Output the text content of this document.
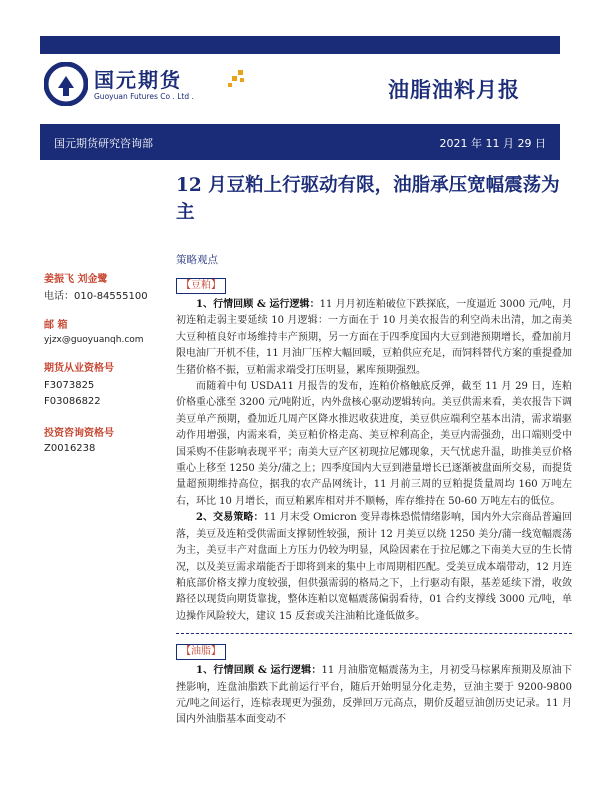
国元期货
Guoyuan Futures Co . Ltd .	油脂油料月报
国元期货研究咨询部	2021 年 11 月 29 日
12 月豆粕上行驱动有限，油脂承压宽幅震荡为主
策略观点
姜振飞 刘金鹭
电话：010-84555100
邮 箱
yjzx@guoyuanqh.com
期货从业资格号
F3073825
F03086822
投资咨询资格号
Z0016238
【豆粕】

1、行情回顾 & 运行逻辑：11 月月初连粕破位下跌探底，一度逼近 3000 元/吨，月初连粕走弱主要延续 10 月逻辑：一方面在于 10 月美农报告的利空尚未出清，加之南美大豆种植良好市场维持丰产预期，另一方面在于四季度国内大豆到港预期增长，叠加前月限电油厂开机不佳，11 月油厂压榨大幅回暖，豆粕供应充足，而饲料替代方案的重提叠加生猪价格不振，豆粕需求端受打压明显，累库预期强烈。

而随着中旬 USDA11 月报告的发布，连粕价格触底反弹，截至 11 月 29 日，连粕价格重心涨至 3200 元/吨附近，内外盘核心驱动逻辑转向。美豆供需来看，美农报告下调美豆单产预期，叠加近几周产区降水推迟收获进度，美豆供应端利空基本出清，需求端驱动作用增强，内需来看，美豆粕价格走高、美豆榨利高企，美豆内需强劲，出口端则受中国采购不佳影响表现平平；南美大豆产区初现拉尼娜现象，天气忧虑升温，助推美豆价格重心上移至 1250 美分/蒲之上；四季度国内大豆到港量增长已逐渐被盘面所交易，而提货量超预期维持高位，据我的农产品网统计，11 月前三周的豆粕提货量周均 160 万吨左右，环比 10 月增长，而豆粕累库相对并不顺畅，库存维持在 50-60 万吨左右的低位。

2、交易策略：11 月末受 Omicron 变异毒株恐慌情绪影响，国内外大宗商品普遍回落，美豆及连粕受供需面支撑韧性较强，预计 12 月美豆以绕 1250 美分/蒲一线宽幅震荡为主，美豆丰产对盘面上方压力仍较为明显，风险因素在于拉尼娜之下南美大豆的生长情况，以及美豆需求端能否于即将到来的集中上市周期相匹配。受美豆成本端带动，12 月连粕底部价格支撑力度较强，但供强需弱的格局之下，上行驱动有限，基差延续下滑，收敛路径以现货向期货靠拢，整体连粕以宽幅震荡偏弱看待，01 合约支撑线 3000 元/吨，单边操作风险较大，建议 15 反套或关注油粕比逢低做多。

【油脂】

1、行情回顾 & 运行逻辑：11 月油脂宽幅震荡为主，月初受马棕累库预期及原油下挫影响，连盘油脂跌下此前运行平台，随后开始明显分化走势，豆油主要于 9200-9800 元/吨之间运行，连棕表现更为强劲，反弹回万元高点，期价反超豆油创历史记录。11 月国内外油脂基本面变动不
